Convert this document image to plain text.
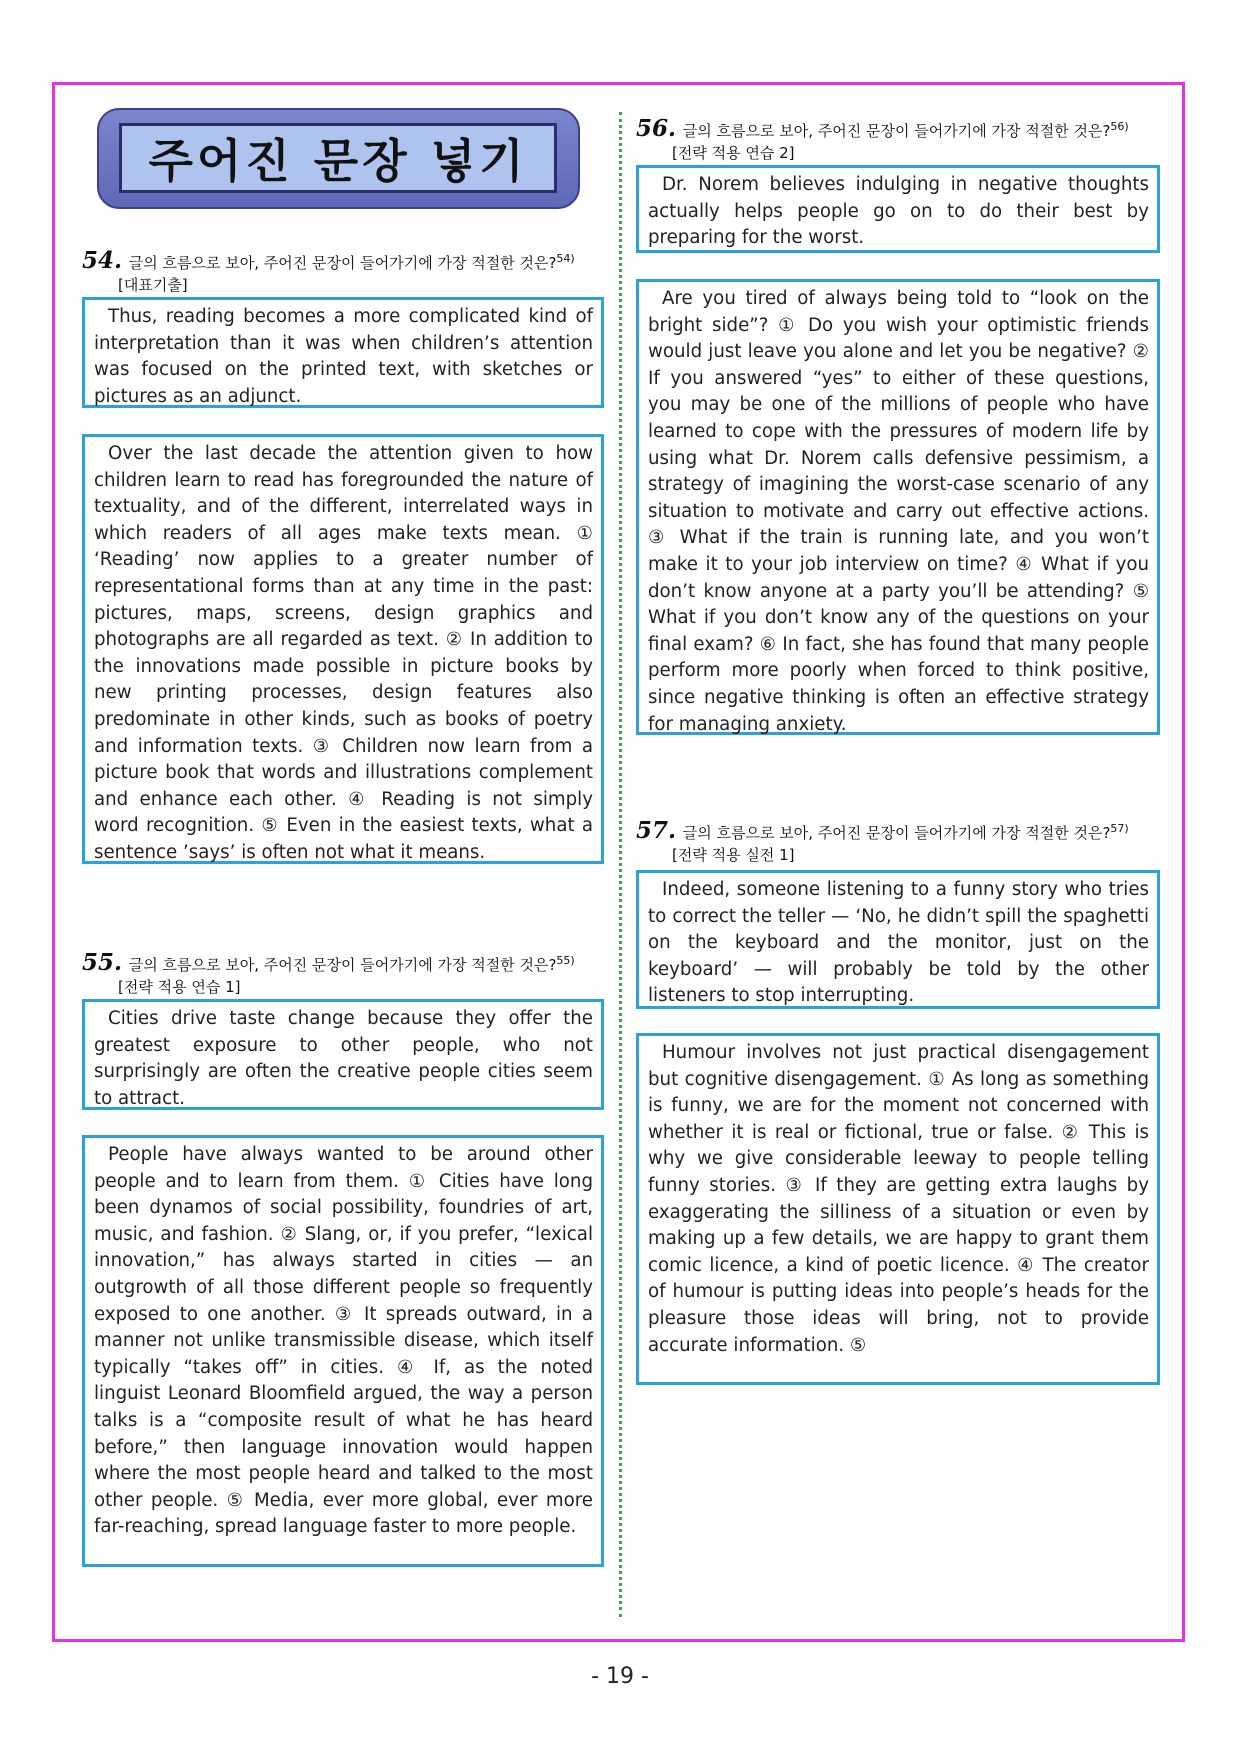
주어진 문장 넣기
54. 글의 흐름으로 보아, 주어진 문장이 들어가기에 가장 적절한 것은?$^{54)}$
[대표기출]

Thus, reading becomes a more complicated kind of interpretation than it was when children’s attention was focused on the printed text, with sketches or pictures as an adjunct.

Over the last decade the attention given to how children learn to read has foregrounded the nature of textuality, and of the different, interrelated ways in which readers of all ages make texts mean. ① ‘Reading’ now applies to a greater number of representational forms than at any time in the past: pictures, maps, screens, design graphics and photographs are all regarded as text. ② In addition to the innovations made possible in picture books by new printing processes, design features also predominate in other kinds, such as books of poetry and information texts. ③ Children now learn from a picture book that words and illustrations complement and enhance each other. ④ Reading is not simply word recognition. ⑤ Even in the easiest texts, what a sentence ’says’ is often not what it means.

55. 글의 흐름으로 보아, 주어진 문장이 들어가기에 가장 적절한 것은?$^{55)}$
[전략 적용 연습 1]

Cities drive taste change because they offer the greatest exposure to other people, who not surprisingly are often the creative people cities seem to attract.

People have always wanted to be around other people and to learn from them. ① Cities have long been dynamos of social possibility, foundries of art, music, and fashion. ② Slang, or, if you prefer, “lexical innovation,” has always started in cities — an outgrowth of all those different people so frequently exposed to one another. ③ It spreads outward, in a manner not unlike transmissible disease, which itself typically “takes off” in cities. ④ If, as the noted linguist Leonard Bloomfield argued, the way a person talks is a “composite result of what he has heard before,” then language innovation would happen where the most people heard and talked to the most other people. ⑤ Media, ever more global, ever more far-reaching, spread language faster to more people.

56. 글의 흐름으로 보아, 주어진 문장이 들어가기에 가장 적절한 것은?$^{56)}$
[전략 적용 연습 2]

Dr. Norem believes indulging in negative thoughts actually helps people go on to do their best by preparing for the worst.

Are you tired of always being told to “look on the bright side”? ① Do you wish your optimistic friends would just leave you alone and let you be negative? ② If you answered “yes” to either of these questions, you may be one of the millions of people who have learned to cope with the pressures of modern life by using what Dr. Norem calls defensive pessimism, a strategy of imagining the worst-case scenario of any situation to motivate and carry out effective actions. ③ What if the train is running late, and you won’t make it to your job interview on time? ④ What if you don’t know anyone at a party you’ll be attending? ⑤ What if you don’t know any of the questions on your final exam? ⑥ In fact, she has found that many people perform more poorly when forced to think positive, since negative thinking is often an effective strategy for managing anxiety.

57. 글의 흐름으로 보아, 주어진 문장이 들어가기에 가장 적절한 것은?$^{57)}$
[전략 적용 실전 1]

Indeed, someone listening to a funny story who tries to correct the teller — ‘No, he didn’t spill the spaghetti on the keyboard and the monitor, just on the keyboard’ — will probably be told by the other listeners to stop interrupting.

Humour involves not just practical disengagement but cognitive disengagement. ① As long as something is funny, we are for the moment not concerned with whether it is real or fictional, true or false. ② This is why we give considerable leeway to people telling funny stories. ③ If they are getting extra laughs by exaggerating the silliness of a situation or even by making up a few details, we are happy to grant them comic licence, a kind of poetic licence. ④ The creator of humour is putting ideas into people’s heads for the pleasure those ideas will bring, not to provide accurate information. ⑤

- 19 -
